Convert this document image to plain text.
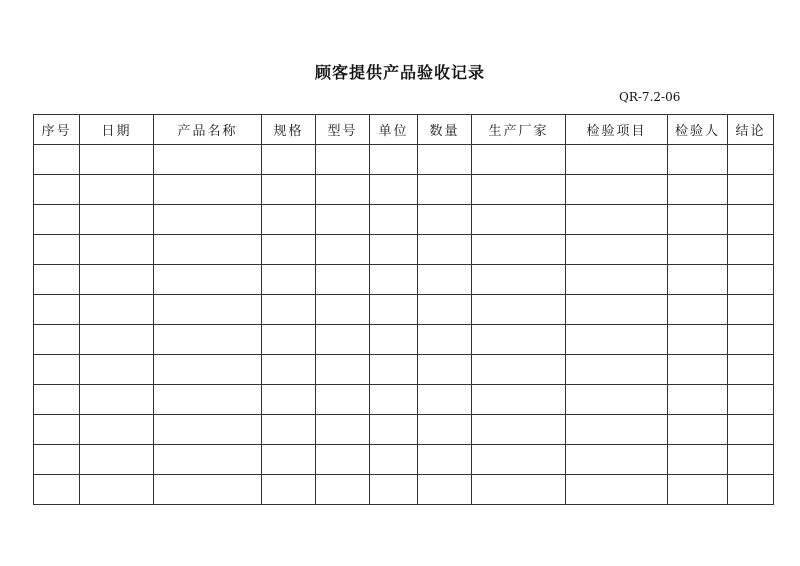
顾客提供产品验收记录
QR-7.2-06
序号	日期	产品名称	规格	型号	单位	数量	生产厂家	检验项目	检验人	结论
